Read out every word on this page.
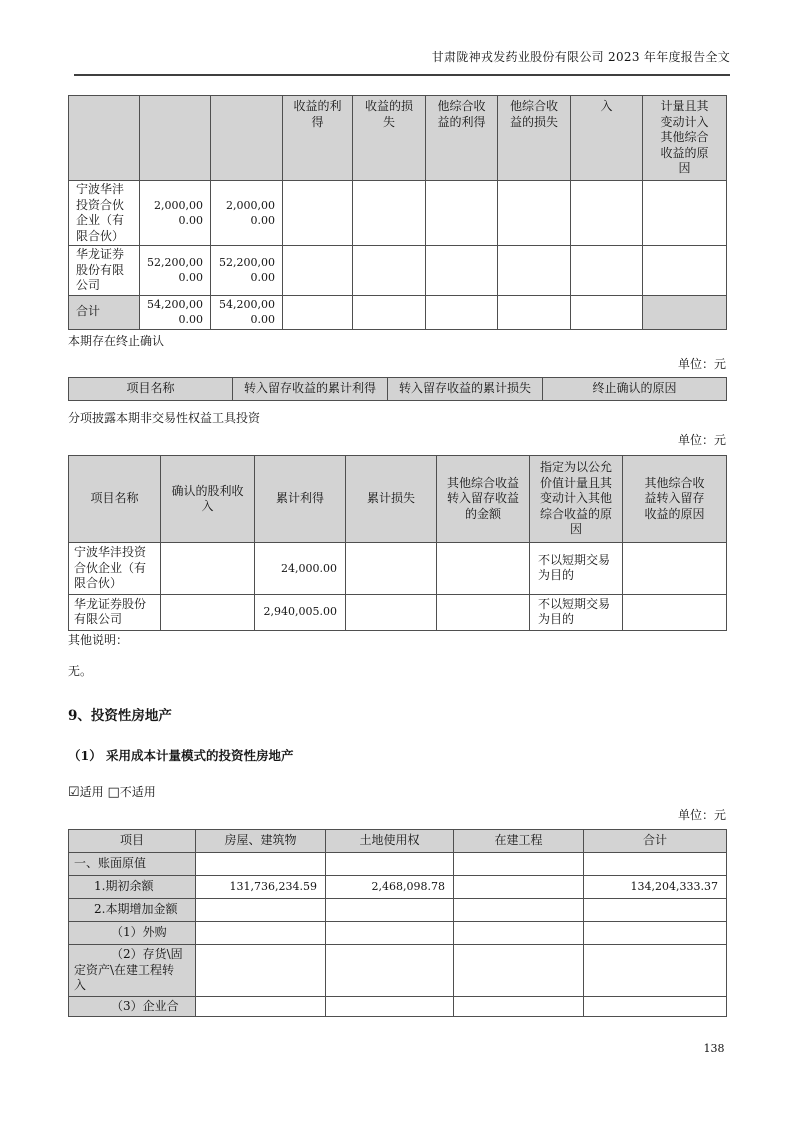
甘肃陇神戎发药业股份有限公司 2023 年年度报告全文
			收益的利得	收益的损失	他综合收益的利得	他综合收益的损失	入	计量且其变动计入其他综合收益的原因
宁波华沣投资合伙企业（有限合伙）	2,000,000.00	2,000,000.00						
华龙证券股份有限公司	52,200,000.00	52,200,000.00						
合计	54,200,000.00	54,200,000.00						
本期存在终止确认
单位：元
项目名称	转入留存收益的累计利得	转入留存收益的累计损失	终止确认的原因
分项披露本期非交易性权益工具投资
单位：元
项目名称	确认的股利收入	累计利得	累计损失	其他综合收益转入留存收益的金额	指定为以公允价值计量且其变动计入其他综合收益的原因	其他综合收益转入留存收益的原因
宁波华沣投资合伙企业（有限合伙）		24,000.00			不以短期交易为目的	
华龙证券股份有限公司		2,940,005.00			不以短期交易为目的	
其他说明：
无。
9、投资性房地产
（1） 采用成本计量模式的投资性房地产
☑适用 □不适用
单位：元
项目	房屋、建筑物	土地使用权	在建工程	合计
一、账面原值				
1.期初余额	131,736,234.59	2,468,098.78		134,204,333.37
2.本期增加金额				
（1）外购				
（2）存货\固定资产\在建工程转入				
（3）企业合				
138
